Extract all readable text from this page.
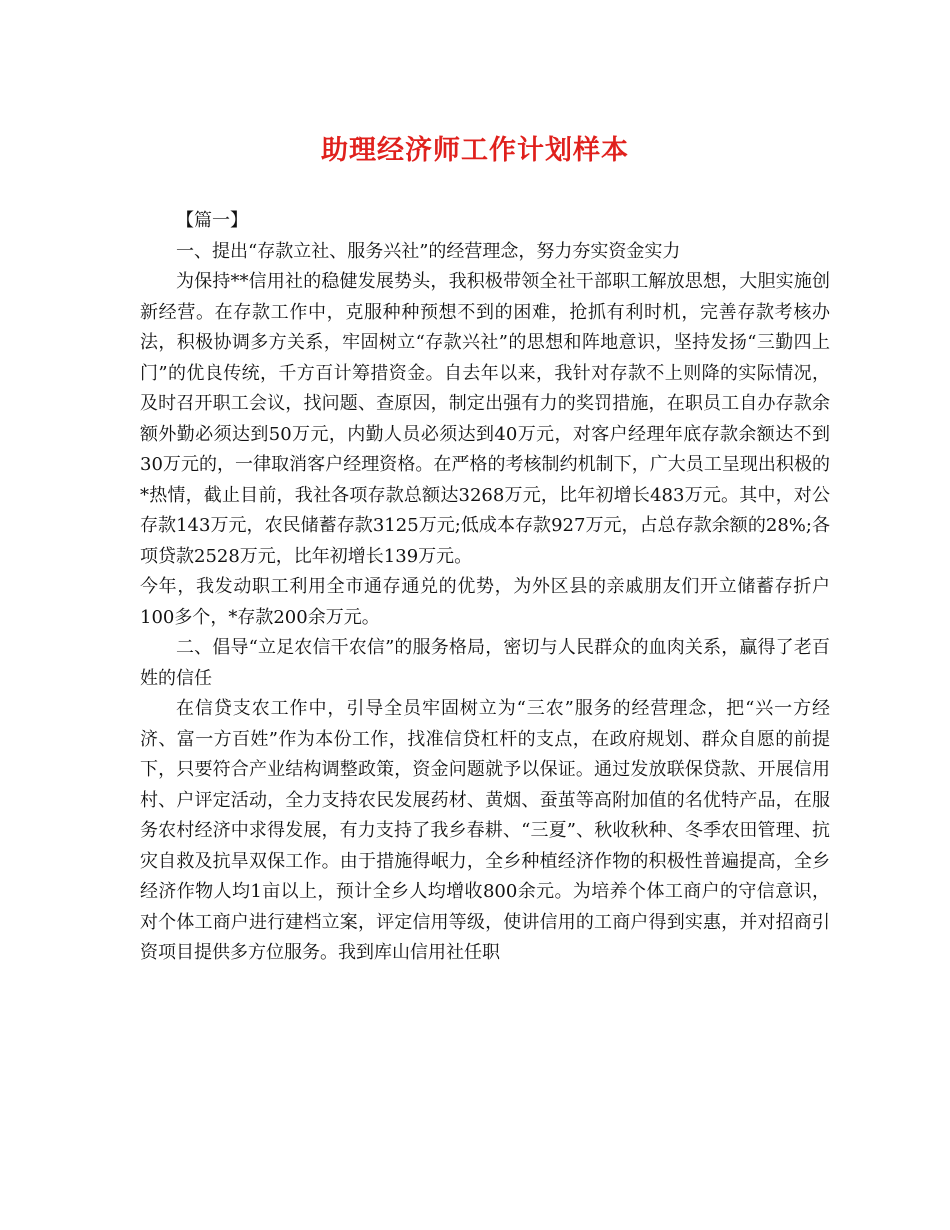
助理经济师工作计划样本

【篇一】

一、提出“存款立社、服务兴社”的经营理念，努力夯实资金实力

为保持**信用社的稳健发展势头，我积极带领全社干部职工解放思想，大胆实施创新经营。在存款工作中，克服种种预想不到的困难，抢抓有利时机，完善存款考核办法，积极协调多方关系，牢固树立“存款兴社”的思想和阵地意识，坚持发扬“三勤四上门”的优良传统，千方百计筹措资金。自去年以来，我针对存款不上则降的实际情况，及时召开职工会议，找问题、查原因，制定出强有力的奖罚措施，在职员工自办存款余额外勤必须达到50万元，内勤人员必须达到40万元，对客户经理年底存款余额达不到30万元的，一律取消客户经理资格。在严格的考核制约机制下，广大员工呈现出积极的*热情，截止目前，我社各项存款总额达3268万元，比年初增长483万元。其中，对公存款143万元，农民储蓄存款3125万元;低成本存款927万元，占总存款余额的28%;各项贷款2528万元，比年初增长139万元。

今年，我发动职工利用全市通存通兑的优势，为外区县的亲戚朋友们开立储蓄存折户100多个，*存款200余万元。

二、倡导“立足农信干农信”的服务格局，密切与人民群众的血肉关系，赢得了老百姓的信任

在信贷支农工作中，引导全员牢固树立为“三农”服务的经营理念，把“兴一方经济、富一方百姓”作为本份工作，找准信贷杠杆的支点，在政府规划、群众自愿的前提下，只要符合产业结构调整政策，资金问题就予以保证。通过发放联保贷款、开展信用村、户评定活动，全力支持农民发展药材、黄烟、蚕茧等高附加值的名优特产品，在服务农村经济中求得发展，有力支持了我乡春耕、“三夏”、秋收秋种、冬季农田管理、抗灾自救及抗旱双保工作。由于措施得岷力，全乡种植经济作物的积极性普遍提高，全乡经济作物人均1亩以上，预计全乡人均增收800余元。为培养个体工商户的守信意识，对个体工商户进行建档立案，评定信用等级，使讲信用的工商户得到实惠，并对招商引资项目提供多方位服务。我到库山信用社任职
